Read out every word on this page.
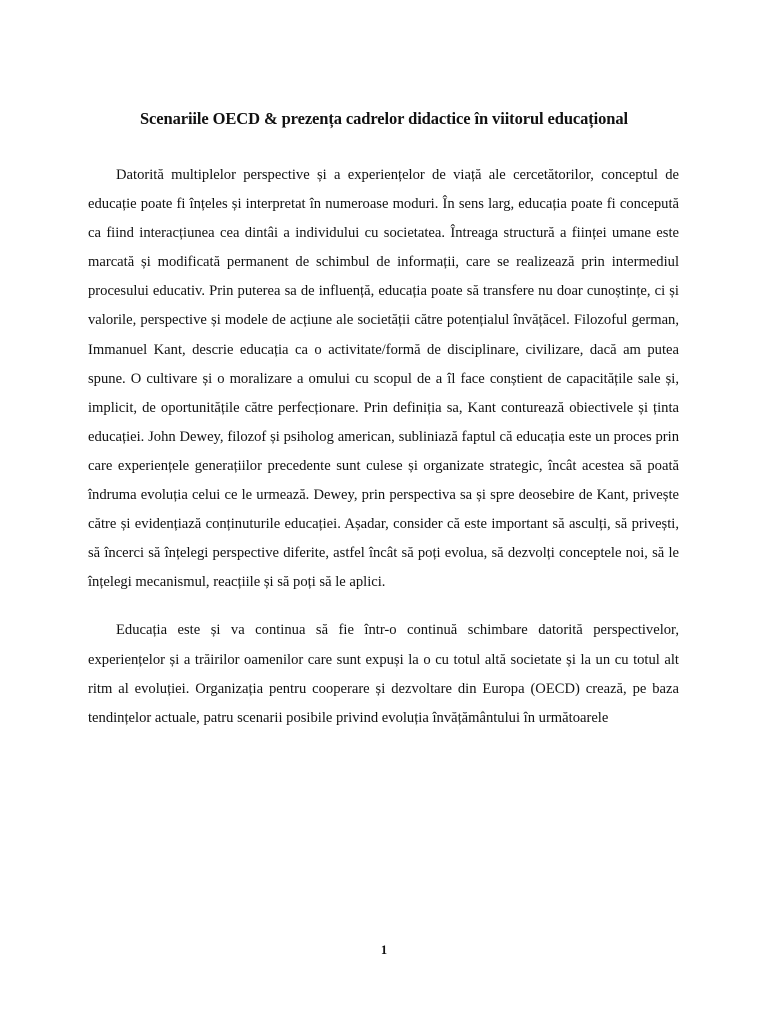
Scenariile OECD & prezența cadrelor didactice în viitorul educațional

Datorită multiplelor perspective și a experiențelor de viață ale cercetătorilor, conceptul de educație poate fi înțeles și interpretat în numeroase moduri. În sens larg, educația poate fi concepută ca fiind interacțiunea cea dintâi a individului cu societatea. Întreaga structură a ființei umane este marcată și modificată permanent de schimbul de informații, care se realizează prin intermediul procesului educativ. Prin puterea sa de influență, educația poate să transfere nu doar cunoștințe, ci și valorile, perspective și modele de acțiune ale societății către potențialul învățăcel. Filozoful german, Immanuel Kant, descrie educația ca o activitate/formă de disciplinare, civilizare, dacă am putea spune. O cultivare și o moralizare a omului cu scopul de a îl face conștient de capacitățile sale și, implicit, de oportunitățile către perfecționare. Prin definiția sa, Kant conturează obiectivele și ținta educației. John Dewey, filozof și psiholog american, subliniază faptul că educația este un proces prin care experiențele generațiilor precedente sunt culese și organizate strategic, încât acestea să poată îndruma evoluția celui ce le urmează. Dewey, prin perspectiva sa și spre deosebire de Kant, privește către și evidențiază conținuturile educației. Așadar, consider că este important să asculți, să privești, să încerci să înțelegi perspective diferite, astfel încât să poți evolua, să dezvolți conceptele noi, să le înțelegi mecanismul, reacțiile și să poți să le aplici.

Educația este și va continua să fie într-o continuă schimbare datorită perspectivelor, experiențelor și a trăirilor oamenilor care sunt expuși la o cu totul altă societate și la un cu totul alt ritm al evoluției. Organizația pentru cooperare și dezvoltare din Europa (OECD) crează, pe baza tendințelor actuale, patru scenarii posibile privind evoluția învățământului în următoarele

1
